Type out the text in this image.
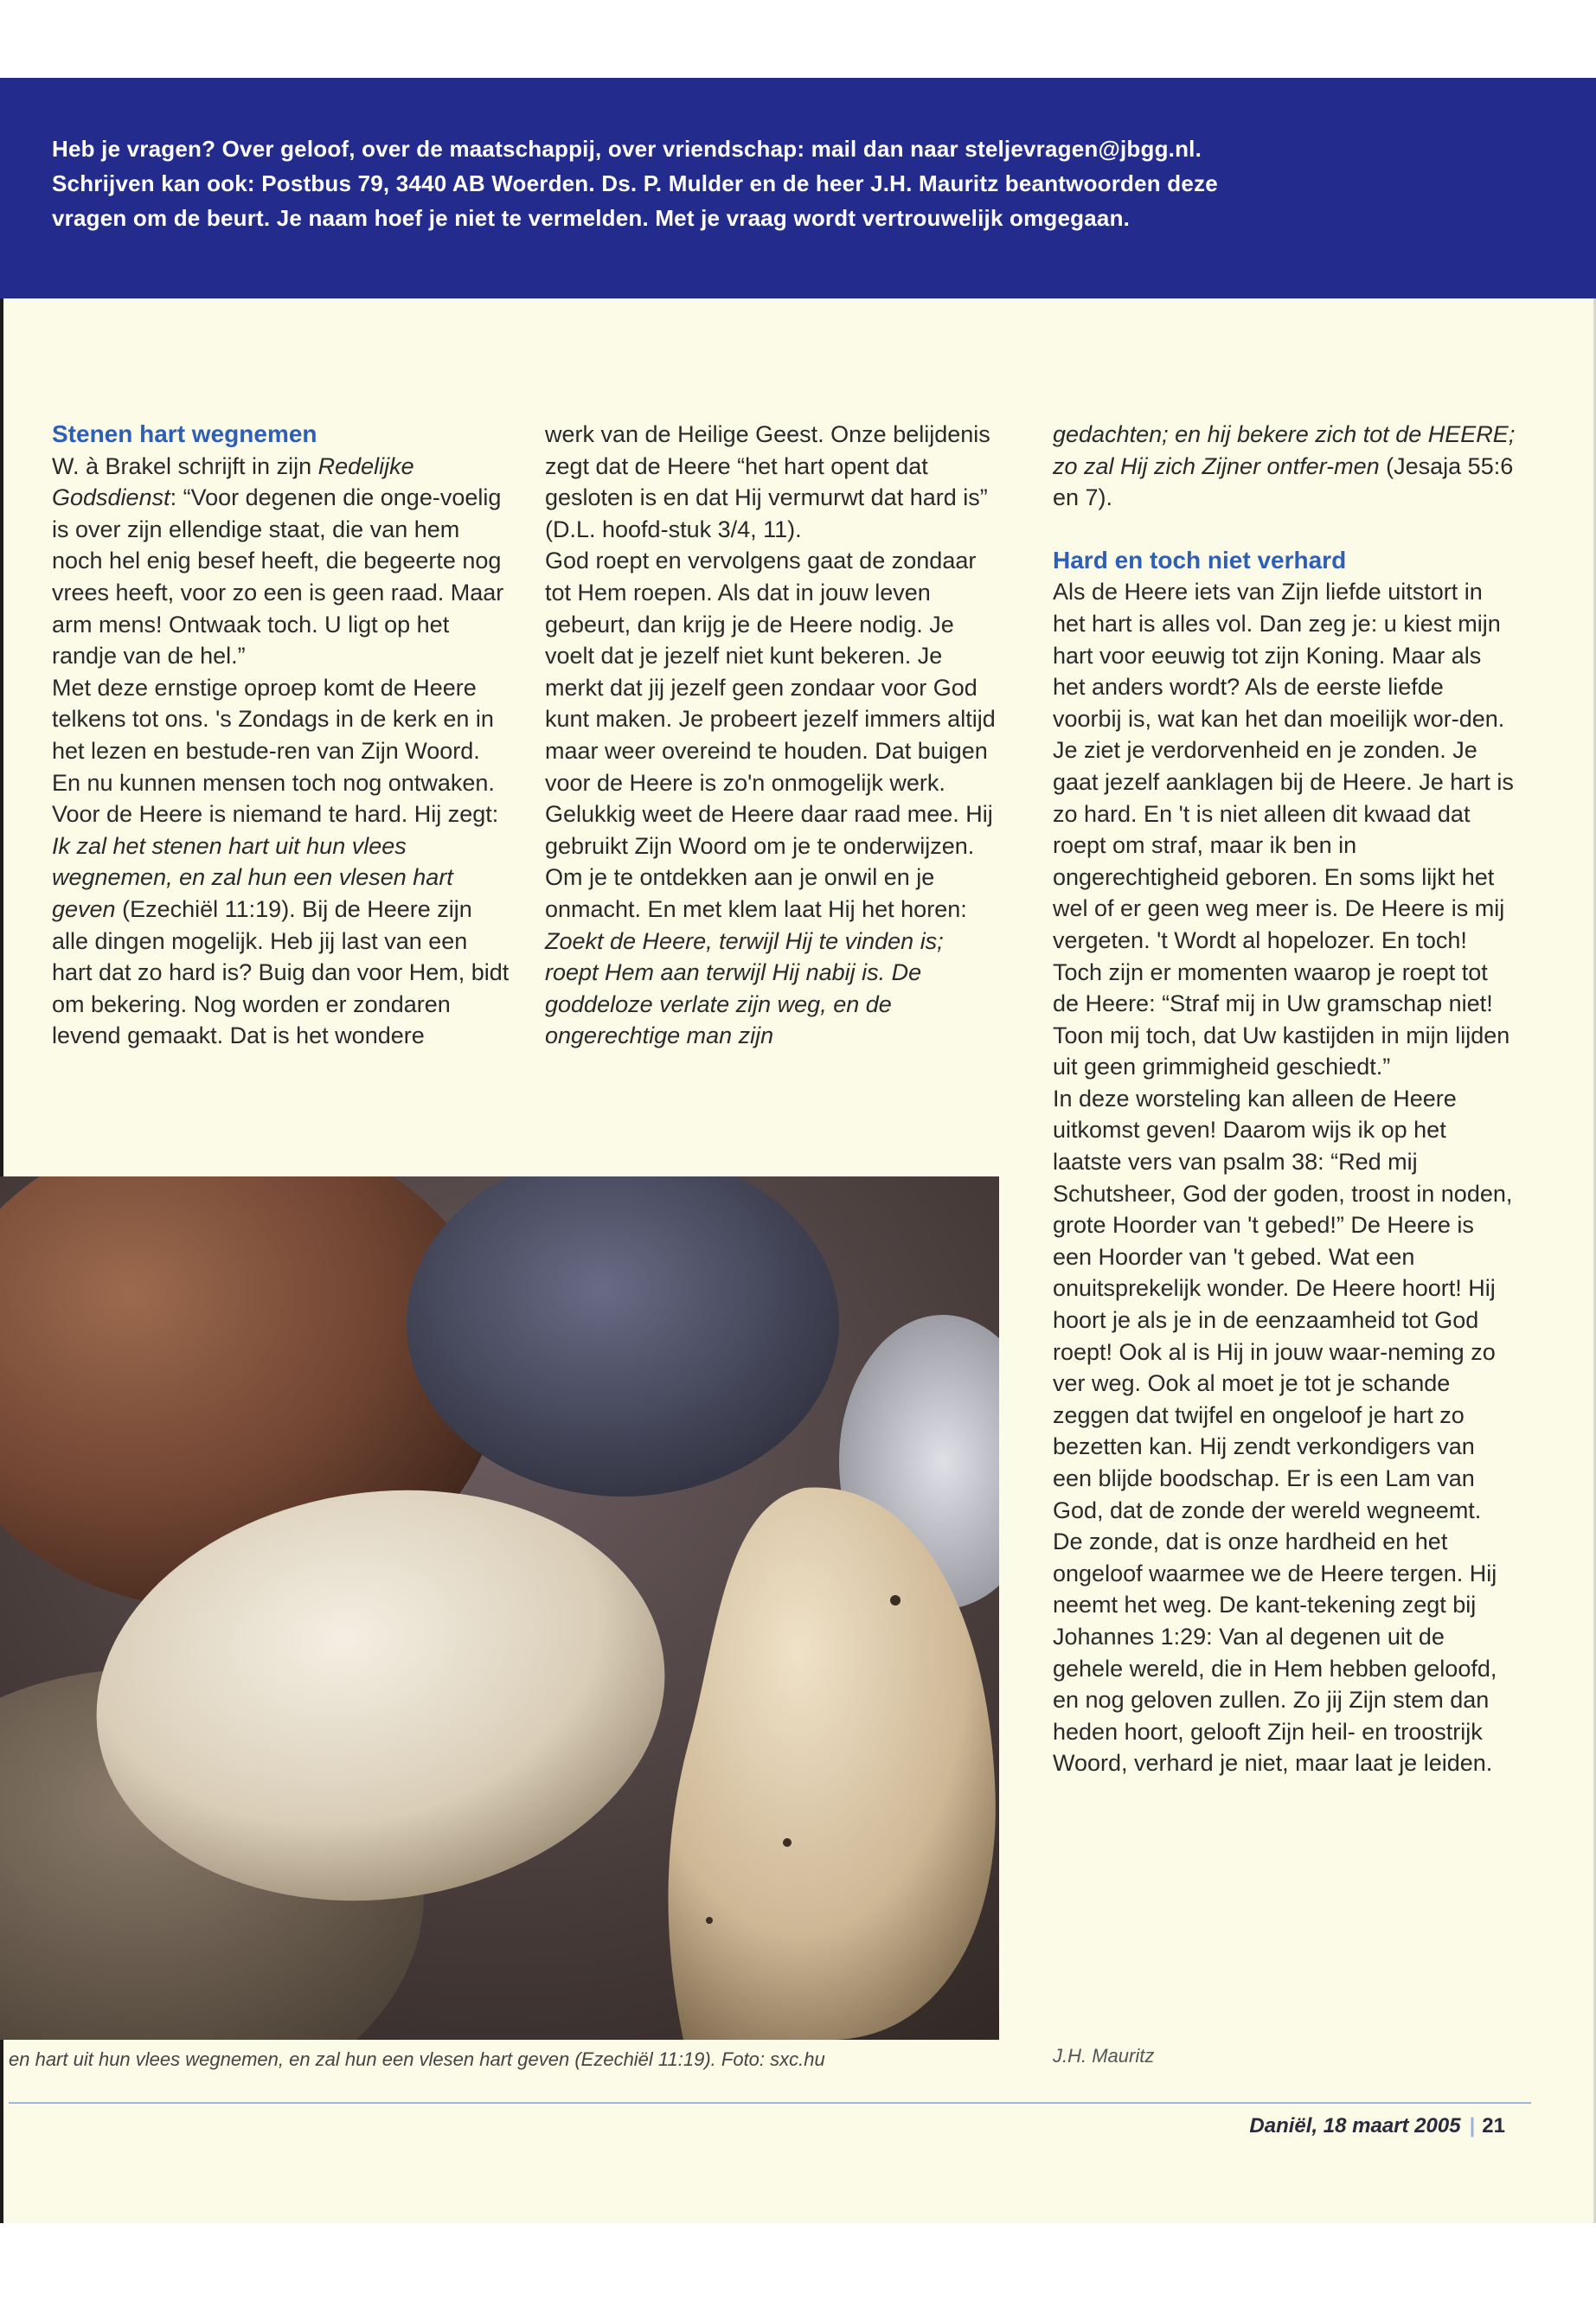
Heb je vragen? Over geloof, over de maatschappij, over vriendschap: mail dan naar steljevragen@jbgg.nl.

Schrijven kan ook: Postbus 79, 3440 AB Woerden. Ds. P. Mulder en de heer J.H. Mauritz beantwoorden deze

vragen om de beurt. Je naam hoef je niet te vermelden. Met je vraag wordt vertrouwelijk omgegaan.

Stenen hart wegnemen

W. à Brakel schrijft in zijn Redelijke Godsdienst: “Voor degenen die onge-voelig is over zijn ellendige staat, die van hem noch hel enig besef heeft, die begeerte nog vrees heeft, voor zo een is geen raad. Maar arm mens! Ontwaak toch. U ligt op het randje van de hel.”

Met deze ernstige oproep komt de Heere telkens tot ons. 's Zondags in de kerk en in het lezen en bestude-ren van Zijn Woord. En nu kunnen mensen toch nog ontwaken. Voor de Heere is niemand te hard. Hij zegt: Ik zal het stenen hart uit hun vlees wegnemen, en zal hun een vlesen hart geven (Ezechiël 11:19). Bij de Heere zijn alle dingen mogelijk. Heb jij last van een hart dat zo hard is? Buig dan voor Hem, bidt om bekering. Nog worden er zondaren levend gemaakt. Dat is het wondere

werk van de Heilige Geest. Onze belijdenis zegt dat de Heere “het hart opent dat gesloten is en dat Hij vermurwt dat hard is” (D.L. hoofd-stuk 3/4, 11).

God roept en vervolgens gaat de zondaar tot Hem roepen. Als dat in jouw leven gebeurt, dan krijg je de Heere nodig. Je voelt dat je jezelf niet kunt bekeren. Je merkt dat jij jezelf geen zondaar voor God kunt maken. Je probeert jezelf immers altijd maar weer overeind te houden. Dat buigen voor de Heere is zo'n onmogelijk werk. Gelukkig weet de Heere daar raad mee. Hij gebruikt Zijn Woord om je te onderwijzen. Om je te ontdekken aan je onwil en je onmacht. En met klem laat Hij het horen: Zoekt de Heere, terwijl Hij te vinden is; roept Hem aan terwijl Hij nabij is. De goddeloze verlate zijn weg, en de ongerechtige man zijn

gedachten; en hij bekere zich tot de HEERE; zo zal Hij zich Zijner ontfer-men (Jesaja 55:6 en 7).

Hard en toch niet verhard

Als de Heere iets van Zijn liefde uitstort in het hart is alles vol. Dan zeg je: u kiest mijn hart voor eeuwig tot zijn Koning. Maar als het anders wordt? Als de eerste liefde voorbij is, wat kan het dan moeilijk wor-den. Je ziet je verdorvenheid en je zonden. Je gaat jezelf aanklagen bij de Heere. Je hart is zo hard. En 't is niet alleen dit kwaad dat roept om straf, maar ik ben in ongerechtigheid geboren. En soms lijkt het wel of er geen weg meer is. De Heere is mij vergeten. 't Wordt al hopelozer. En toch! Toch zijn er momenten waarop je roept tot de Heere: “Straf mij in Uw gramschap niet! Toon mij toch, dat Uw kastijden in mijn lijden uit geen grimmigheid geschiedt.”

In deze worsteling kan alleen de Heere uitkomst geven! Daarom wijs ik op het laatste vers van psalm 38: “Red mij Schutsheer, God der goden, troost in noden, grote Hoorder van 't gebed!” De Heere is een Hoorder van 't gebed. Wat een onuitsprekelijk wonder. De Heere hoort! Hij hoort je als je in de eenzaamheid tot God roept! Ook al is Hij in jouw waar-neming zo ver weg. Ook al moet je tot je schande zeggen dat twijfel en ongeloof je hart zo bezetten kan. Hij zendt verkondigers van een blijde boodschap. Er is een Lam van God, dat de zonde der wereld wegneemt. De zonde, dat is onze hardheid en het ongeloof waarmee we de Heere tergen. Hij neemt het weg. De kant-tekening zegt bij Johannes 1:29: Van al degenen uit de gehele wereld, die in Hem hebben geloofd, en nog geloven zullen. Zo jij Zijn stem dan heden hoort, gelooft Zijn heil- en troostrijk Woord, verhard je niet, maar laat je leiden.

en hart uit hun vlees wegnemen, en zal hun een vlesen hart geven (Ezechiël 11:19). Foto: sxc.hu	J.H. Mauritz
Daniël, 18 maart 2005 | 21
